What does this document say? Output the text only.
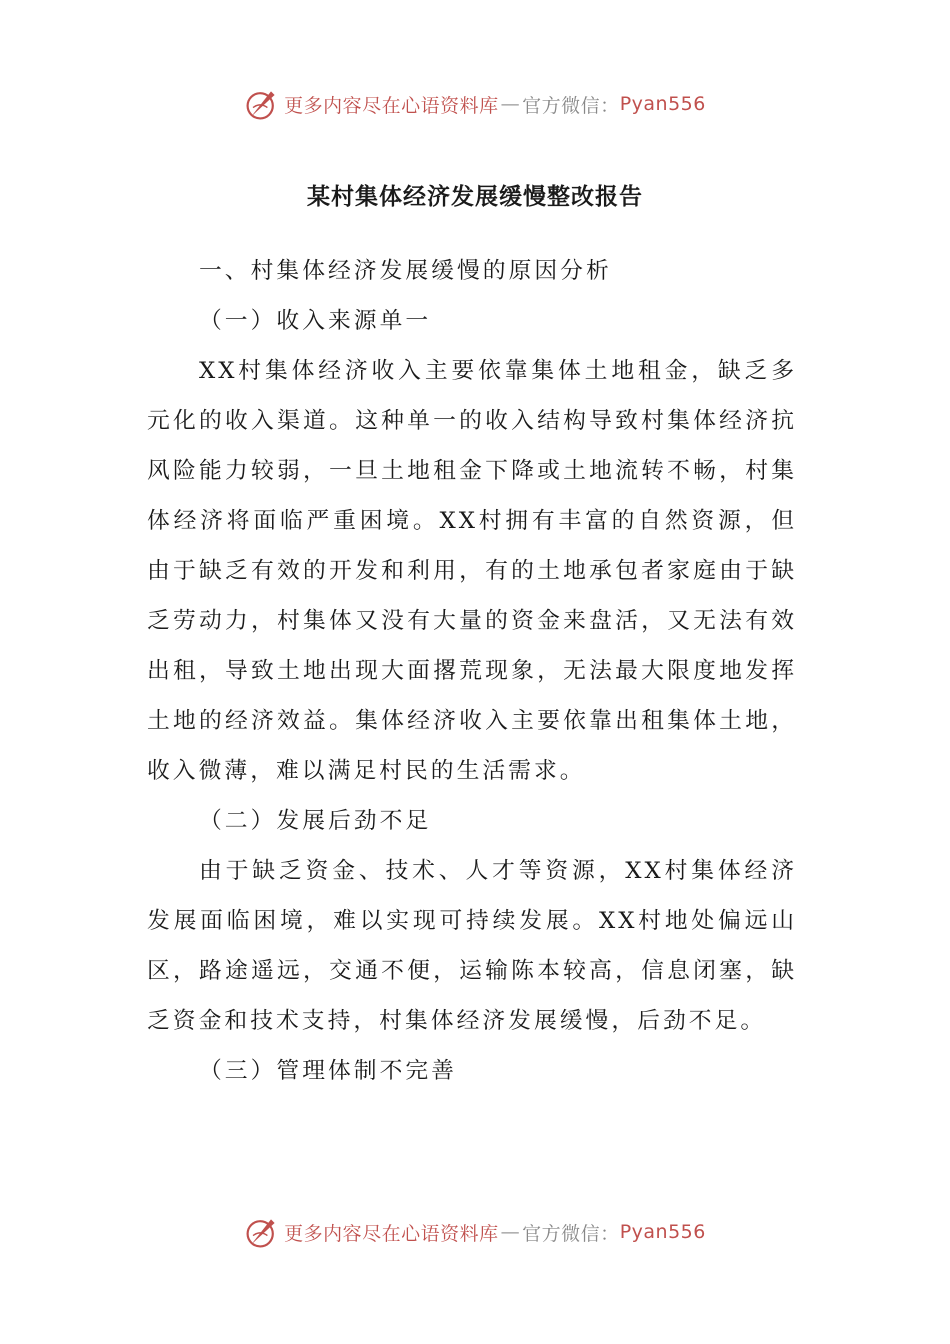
更多内容尽在心语资料库 — 官方微信： Pyan556
某村集体经济发展缓慢整改报告

一、村集体经济发展缓慢的原因分析

（一）收入来源单一

XX村集体经济收入主要依靠集体土地租金，缺乏多元化的收入渠道。这种单一的收入结构导致村集体经济抗风险能力较弱，一旦土地租金下降或土地流转不畅，村集体经济将面临严重困境。XX村拥有丰富的自然资源，但由于缺乏有效的开发和利用，有的土地承包者家庭由于缺乏劳动力，村集体又没有大量的资金来盘活，又无法有效出租，导致土地出现大面撂荒现象，无法最大限度地发挥土地的经济效益。集体经济收入主要依靠出租集体土地，收入微薄，难以满足村民的生活需求。

（二）发展后劲不足

由于缺乏资金、技术、人才等资源，XX村集体经济发展面临困境，难以实现可持续发展。XX村地处偏远山区，路途遥远，交通不便，运输陈本较高，信息闭塞，缺乏资金和技术支持，村集体经济发展缓慢，后劲不足。

（三）管理体制不完善

更多内容尽在心语资料库 — 官方微信： Pyan556
